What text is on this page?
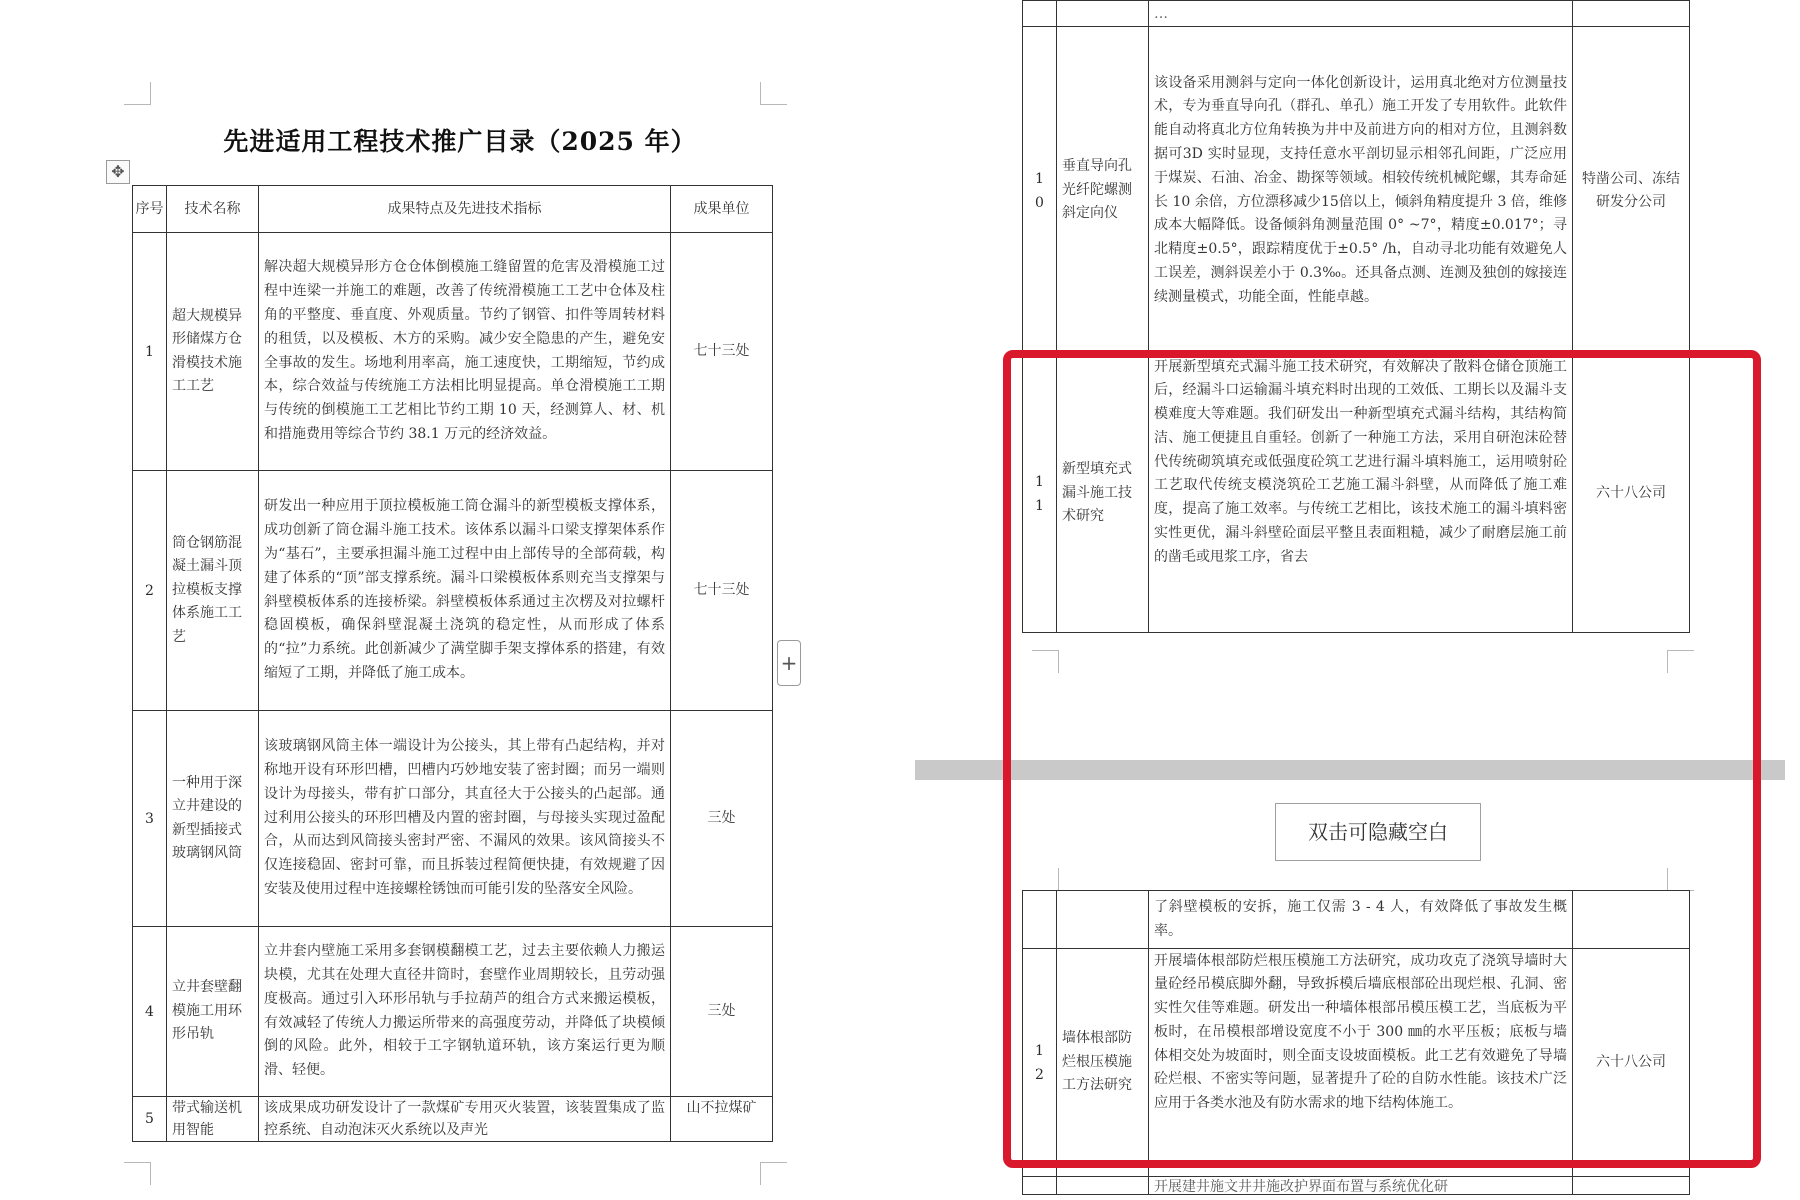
先进适用工程技术推广目录（2025 年）
✥
+
序号	技术名称	成果特点及先进技术指标	成果单位
1	超大规模异形储煤方仓滑模技术施工工艺	解决超大规模异形方仓仓体倒模施工缝留置的危害及滑模施工过程中连梁一并施工的难题，改善了传统滑模施工工艺中仓体及柱角的平整度、垂直度、外观质量。节约了钢管、扣件等周转材料的租赁，以及模板、木方的采购。减少安全隐患的产生，避免安全事故的发生。场地利用率高，施工速度快，工期缩短，节约成本，综合效益与传统施工方法相比明显提高。单仓滑模施工工期与传统的倒模施工工艺相比节约工期 10 天，经测算人、材、机和措施费用等综合节约 38.1 万元的经济效益。	七十三处
2	筒仓钢筋混凝土漏斗顶拉模板支撑体系施工工艺	研发出一种应用于顶拉模板施工筒仓漏斗的新型模板支撑体系，成功创新了筒仓漏斗施工技术。该体系以漏斗口梁支撑架体系作为“基石”，主要承担漏斗施工过程中由上部传导的全部荷载，构建了体系的“顶”部支撑系统。漏斗口梁模板体系则充当支撑架与斜壁模板体系的连接桥梁。斜壁模板体系通过主次楞及对拉螺杆稳固模板，确保斜壁混凝土浇筑的稳定性，从而形成了体系的“拉”力系统。此创新减少了满堂脚手架支撑体系的搭建，有效缩短了工期，并降低了施工成本。	七十三处
3	一种用于深立井建设的新型插接式玻璃钢风筒	该玻璃钢风筒主体一端设计为公接头，其上带有凸起结构，并对称地开设有环形凹槽，凹槽内巧妙地安装了密封圈；而另一端则设计为母接头，带有扩口部分，其直径大于公接头的凸起部。通过利用公接头的环形凹槽及内置的密封圈，与母接头实现过盈配合，从而达到风筒接头密封严密、不漏风的效果。该风筒接头不仅连接稳固、密封可靠，而且拆装过程简便快捷，有效规避了因安装及使用过程中连接螺栓锈蚀而可能引发的坠落安全风险。	三处
4	立井套壁翻模施工用环形吊轨	立井套内壁施工采用多套钢模翻模工艺，过去主要依赖人力搬运块模，尤其在处理大直径井筒时，套壁作业周期较长，且劳动强度极高。通过引入环形吊轨与手拉葫芦的组合方式来搬运模板，有效减轻了传统人力搬运所带来的高强度劳动，并降低了块模倾倒的风险。此外，相较于工字钢轨道环轨，该方案运行更为顺滑、轻便。	三处
5	带式输送机用智能	该成果成功研发设计了一款煤矿专用灭火装置，该装置集成了监控系统、自动泡沫灭火系统以及声光	山不拉煤矿

		…	

10	垂直导向孔光纤陀螺测斜定向仪	该设备采用测斜与定向一体化创新设计，运用真北绝对方位测量技术，专为垂直导向孔（群孔、单孔）施工开发了专用软件。此软件能自动将真北方位角转换为井中及前进方向的相对方位，且测斜数据可3D 实时显现，支持任意水平剖切显示相邻孔间距，广泛应用于煤炭、石油、冶金、勘探等领域。相较传统机械陀螺，其寿命延长 10 余倍，方位漂移减少15倍以上，倾斜角精度提升 3 倍，维修成本大幅降低。设备倾斜角测量范围 0° ~7°，精度±0.017°；寻北精度±0.5°，跟踪精度优于±0.5° /h，自动寻北功能有效避免人工误差，测斜误差小于 0.3‰。还具备点测、连测及独创的嫁接连续测量模式，功能全面，性能卓越。	特凿公司、冻结研发分公司
11	新型填充式漏斗施工技术研究	开展新型填充式漏斗施工技术研究，有效解决了散料仓储仓顶施工后，经漏斗口运输漏斗填充料时出现的工效低、工期长以及漏斗支模难度大等难题。我们研发出一种新型填充式漏斗结构，其结构简洁、施工便捷且自重轻。创新了一种施工方法，采用自研泡沫砼替代传统砌筑填充或低强度砼筑工艺进行漏斗填料施工，运用喷射砼工艺取代传统支模浇筑砼工艺施工漏斗斜壁，从而降低了施工难度，提高了施工效率。与传统工艺相比，该技术施工的漏斗填料密实性更优，漏斗斜壁砼面层平整且表面粗糙，减少了耐磨层施工前的凿毛或甩浆工序，省去	六十八公司
		了斜壁模板的安拆，施工仅需 3 - 4 人，有效降低了事故发生概率。	
12	墙体根部防烂根压模施工方法研究	开展墙体根部防烂根压模施工方法研究，成功攻克了浇筑导墙时大量砼经吊模底脚外翻，导致拆模后墙底根部砼出现烂根、孔洞、密实性欠佳等难题。研发出一种墙体根部吊模压模工艺，当底板为平板时，在吊模根部增设宽度不小于 300 ㎜的水平压板；底板与墙体相交处为坡面时，则全面支设坡面模板。此工艺有效避免了导墙砼烂根、不密实等问题，显著提升了砼的自防水性能。该技术广泛应用于各类水池及有防水需求的地下结构体施工。	六十八公司

		开展建井施文井井施改护界面布置与系统优化研	

双击可隐藏空白
